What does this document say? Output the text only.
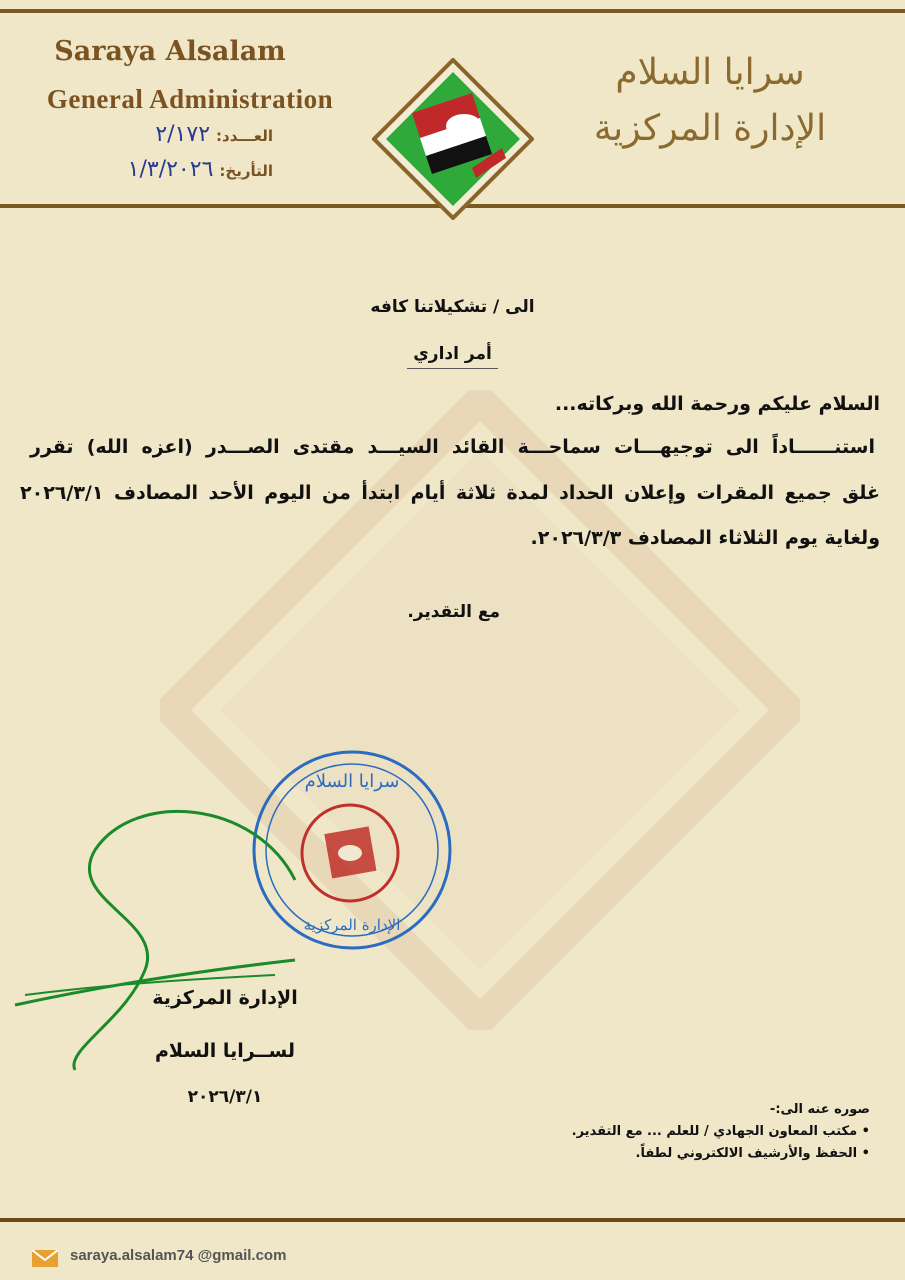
Saraya Alsalam
General Administration
العـــدد:٢/١٧٢
التأريخ:١/٣/٢٠٢٦
سرايا السلام
الإدارة المركزية
الى / تشكيلاتنا كافه
أمر اداري
السلام عليكم ورحمة الله وبركاته...
استنــــــاداً الى توجيهـــات سماحـــة القائد السيـــد مقتدى الصـــدر (اعزه الله) تقرر
غلق جميع المقرات وإعلان الحداد لمدة ثلاثة أيام ابتدأ من اليوم الأحد المصادف ٢٠٢٦/٣/١
ولغاية يوم الثلاثاء المصادف ٢٠٢٦/٣/٣.
مع التقدير.
سرايا السلام
الإدارة المركزية
الإدارة المركزية
لســرايا السلام
٢٠٢٦/٣/١
صوره عنه الى:-
• مكتب المعاون الجهادي / للعلم ... مع التقدير.
• الحفظ والأرشيف الالكتروني لطفاً.
saraya.alsalam74 @gmail.com
